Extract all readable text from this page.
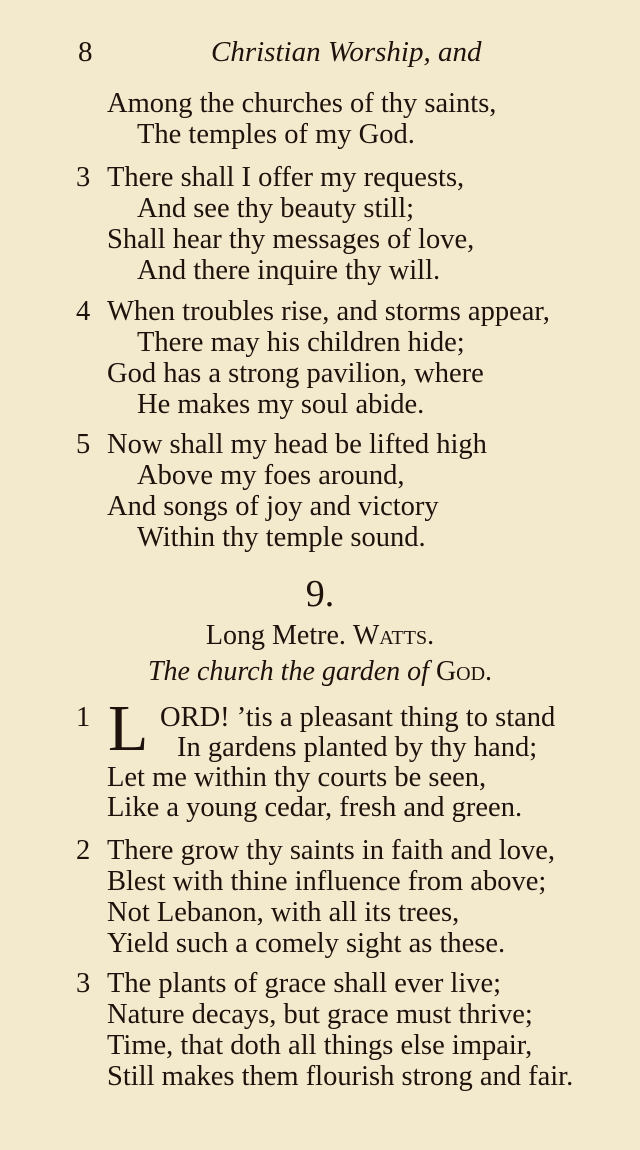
8	Christian Worship, and
Among the churches of thy saints,
The temples of my God.
3 There shall I offer my requests,
And see thy beauty still;
Shall hear thy messages of love,
And there inquire thy will.
4 When troubles rise, and storms appear,
There may his children hide;
God has a strong pavilion, where
He makes my soul abide.
5 Now shall my head be lifted high
Above my foes around,
And songs of joy and victory
Within thy temple sound.
9.
Long Metre. Watts.
The church the garden of God.
1 L ORD! ’tis a pleasant thing to stand
In gardens planted by thy hand;
Let me within thy courts be seen,
Like a young cedar, fresh and green.
2 There grow thy saints in faith and love,
Blest with thine influence from above;
Not Lebanon, with all its trees,
Yield such a comely sight as these.
3 The plants of grace shall ever live;
Nature decays, but grace must thrive;
Time, that doth all things else impair,
Still makes them flourish strong and fair.
